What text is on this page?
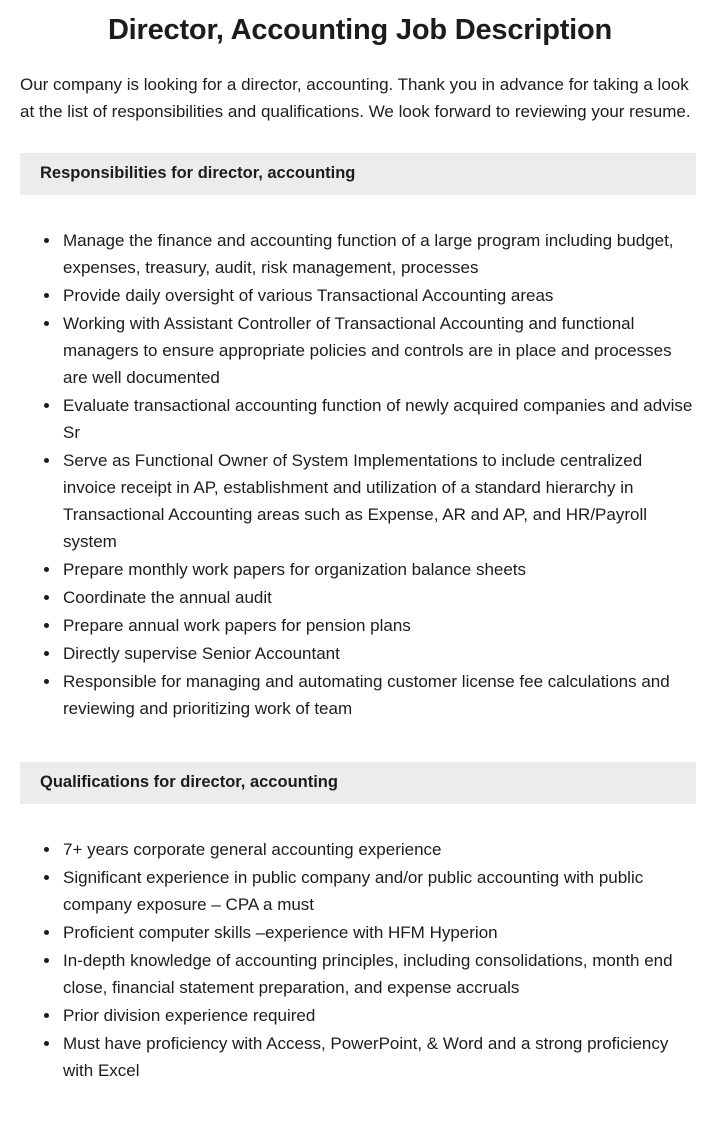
Director, Accounting Job Description

Our company is looking for a director, accounting. Thank you in advance for taking a look at the list of responsibilities and qualifications. We look forward to reviewing your resume.

Responsibilities for director, accounting
• Manage the finance and accounting function of a large program including budget, expenses, treasury, audit, risk management, processes
• Provide daily oversight of various Transactional Accounting areas
• Working with Assistant Controller of Transactional Accounting and functional managers to ensure appropriate policies and controls are in place and processes are well documented
• Evaluate transactional accounting function of newly acquired companies and advise Sr
• Serve as Functional Owner of System Implementations to include centralized invoice receipt in AP, establishment and utilization of a standard hierarchy in Transactional Accounting areas such as Expense, AR and AP, and HR/Payroll system
• Prepare monthly work papers for organization balance sheets
• Coordinate the annual audit
• Prepare annual work papers for pension plans
• Directly supervise Senior Accountant
• Responsible for managing and automating customer license fee calculations and reviewing and prioritizing work of team
Qualifications for director, accounting
• 7+ years corporate general accounting experience
• Significant experience in public company and/or public accounting with public company exposure – CPA a must
• Proficient computer skills –experience with HFM Hyperion
• In-depth knowledge of accounting principles, including consolidations, month end close, financial statement preparation, and expense accruals
• Prior division experience required
• Must have proficiency with Access, PowerPoint, & Word and a strong proficiency with Excel
